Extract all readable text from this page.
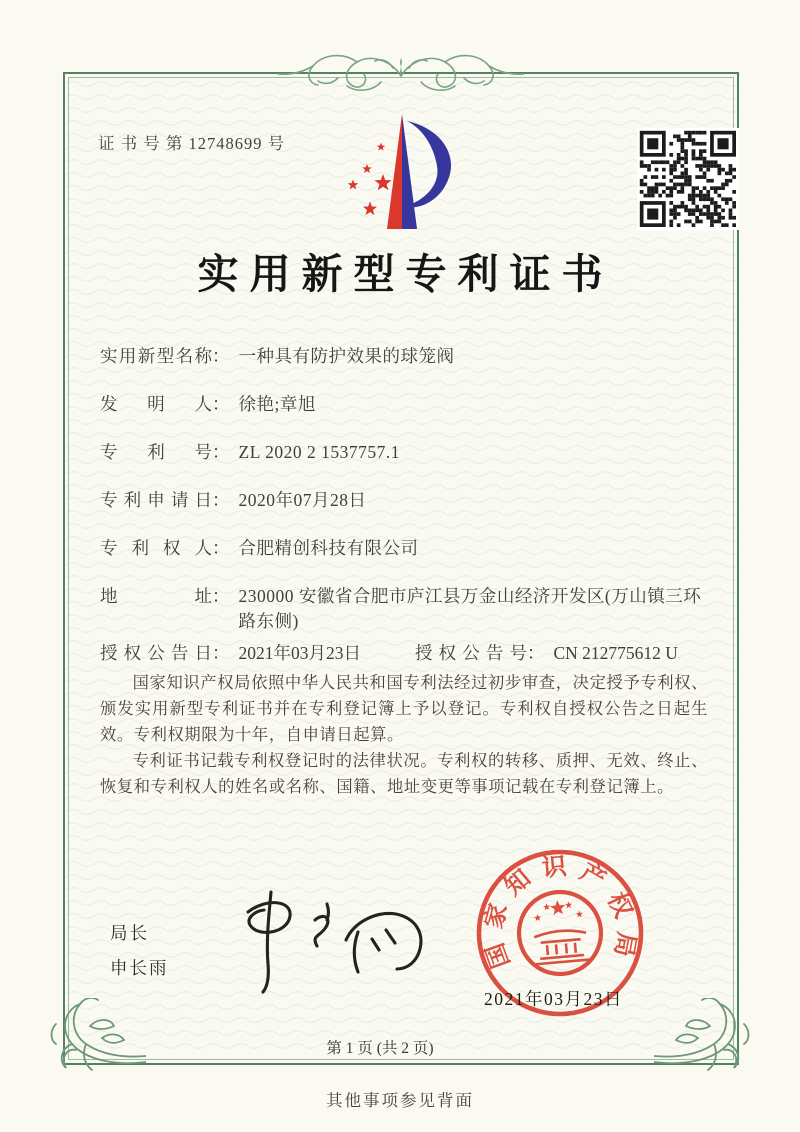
证 书 号 第 12748699 号
实用新型专利证书
实用新型名称 ： 一种具有防护效果的球笼阀
发明人 ： 徐艳;章旭
专利号 ： ZL 2020 2 1537757.1
专利申请日 ： 2020年07月28日
专利权人 ： 合肥精创科技有限公司
地址 ： 230000 安徽省合肥市庐江县万金山经济开发区(万山镇三环路东侧)
授权公告日 ： 2021年03月23日	授权公告号 ： CN 212775612 U

国家知识产权局依照中华人民共和国专利法经过初步审查，决定授予专利权、颁发实用新型专利证书并在专利登记簿上予以登记。专利权自授权公告之日起生效。专利权期限为十年，自申请日起算。

专利证书记载专利权登记时的法律状况。专利权的转移、质押、无效、终止、恢复和专利权人的姓名或名称、国籍、地址变更等事项记载在专利登记簿上。

局长
申长雨	国
家
知 识 产
权
局
2021年03月23日
第 1 页 (共 2 页)
其他事项参见背面
